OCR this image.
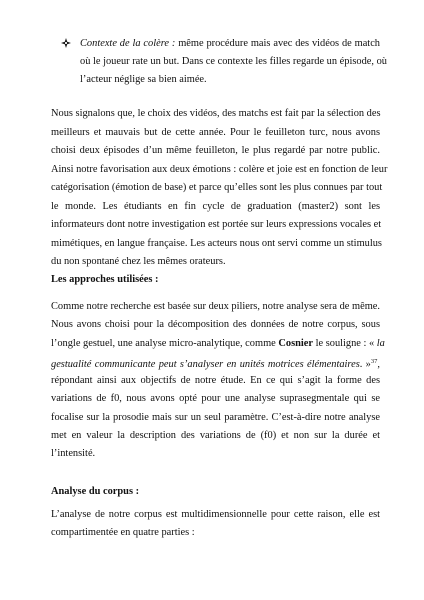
Contexte de la colère : même procédure mais avec des vidéos de match

où le joueur rate un but. Dans ce contexte les filles regarde un épisode, où

l’acteur néglige sa bien aimée.

Nous signalons que, le choix des vidéos, des matchs est fait par la sélection des

meilleurs et mauvais but de cette année. Pour le feuilleton turc, nous avons

choisi deux épisodes d’un même feuilleton, le plus regardé par notre public.

Ainsi notre favorisation aux deux émotions : colère et joie est en fonction de leur

catégorisation (émotion de base) et parce qu’elles sont les plus connues par tout

le monde. Les étudiants en fin cycle de graduation (master2) sont les

informateurs dont notre investigation est portée sur leurs expressions vocales et

mimétiques, en langue française. Les acteurs nous ont servi comme un stimulus

du non spontané chez les mêmes orateurs.

Les approches utilisées :

Comme notre recherche est basée sur deux piliers, notre analyse sera de même.

Nous avons choisi pour la décomposition des données de notre corpus, sous

l’ongle gestuel, une analyse micro-analytique, comme Cosnier le souligne : « la

gestualité communicante peut s’analyser en unités motrices élémentaires. »$^{37}$,

répondant ainsi aux objectifs de notre étude. En ce qui s’agit la forme des

variations de f0, nous avons opté pour une analyse suprasegmentale qui se

focalise sur la prosodie mais sur un seul paramètre. C’est-à-dire notre analyse

met en valeur la description des variations de (f0) et non sur la durée et

l’intensité.

Analyse du corpus :

L’analyse de notre corpus est multidimensionnelle pour cette raison, elle est

compartimentée en quatre parties :
